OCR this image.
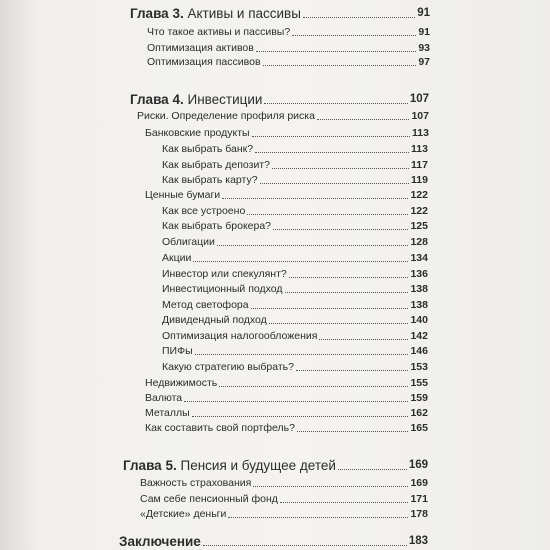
Глава 3. Активы и пассивы	91
Что такое активы и пассивы?	91
Оптимизация активов	93
Оптимизация пассивов	97
Глава 4. Инвестиции	107
Риски. Определение профиля риска	107
Банковские продукты	113
Как выбрать банк?	113
Как выбрать депозит?	117
Как выбрать карту?	119
Ценные бумаги	122
Как все устроено	122
Как выбрать брокера?	125
Облигации	128
Акции	134
Инвестор или спекулянт?	136
Инвестиционный подход	138
Метод светофора	138
Дивидендный подход	140
Оптимизация налогообложения	142
ПИФы	146
Какую стратегию выбрать?	153
Недвижимость	155
Валюта	159
Металлы	162
Как составить свой портфель?	165
Глава 5. Пенсия и будущее детей	169
Важность страхования	169
Сам себе пенсионный фонд	171
«Детские» деньги	178
Заключение	183
